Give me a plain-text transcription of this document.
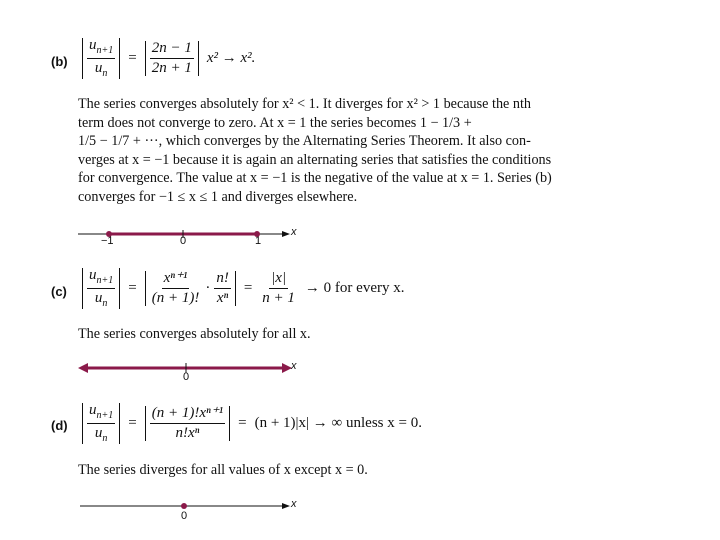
$(b) \frac{u_{n+1}}{u_n} = \frac{2n - 1}{2n + 1} x^2 \to x^2$.
The series converges absolutely for x² < 1. It diverges for x² > 1 because the nth
term does not converge to zero. At x = 1 the series becomes 1 − 1/3 +
1/5 − 1/7 + ···, which converges by the Alternating Series Theorem. It also con-
verges at x = −1 because it is again an alternating series that satisfies the conditions
for convergence. The value at x = −1 is the negative of the value at x = 1. Series (b)
converges for −1 ≤ x ≤ 1 and diverges elsewhere.
−1	0	1
x
$(c) \frac{u_{n+1}}{u_n} = \frac{\text{xⁿ⁺¹}}{(n + 1)!} \cdot \frac{n!}{\text{xⁿ}} = \frac{|x|}{n + 1} \to 0$ for every x.
The series converges absolutely for all x.
0
x
$(d) \frac{u_{n+1}}{u_n} = \frac{\text{(n + 1)!xⁿ⁺¹}}{\text{n!xⁿ}} = (n + 1)|x|$ → ∞ unless x = 0.
The series diverges for all values of x except x = 0.
0
x
